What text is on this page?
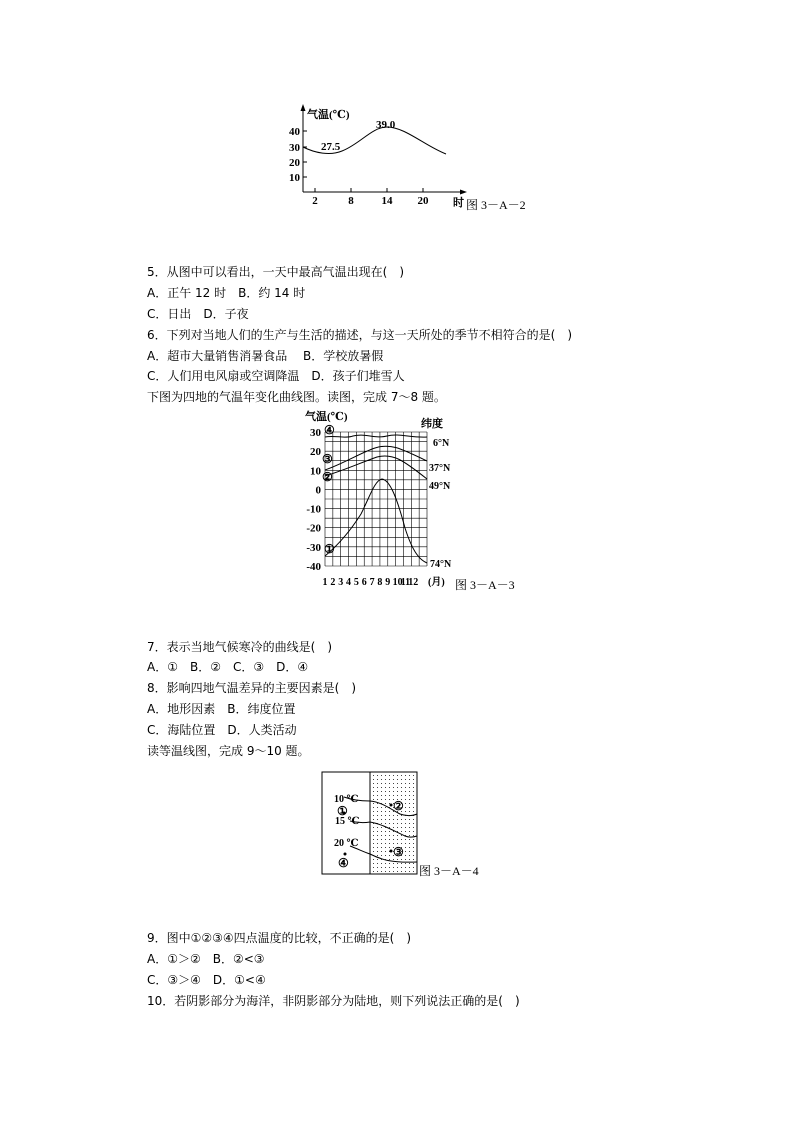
40
30
20
10
2	8	14 20
气温(℃)
时
27.5
39.0
图 3－A－2
5．从图中可以看出，一天中最高气温出现在(　)
A．正午 12 时　B．约 14 时
C．日出　D．子夜
6．下列对当地人们的生产与生活的描述，与这一天所处的季节不相符合的是(　)
A．超市大量销售消暑食品　 B．学校放暑假
C．人们用电风扇或空调降温　D．孩子们堆雪人
下图为四地的气温年变化曲线图。读图，完成 7～8 题。
气温(℃)
纬度
30
20
10
0
-10
-20
-30
-40
1 2 3 4 5 6 7 8 9 10
11
12 (月)
④
③
②
①
6°N
37°N
49°N
74°N
图 3－A－3
7．表示当地气候寒冷的曲线是(　)
A．①　B．②　C．③　D．④
8．影响四地气温差异的主要因素是(　)
A．地形因素　B．纬度位置
C．海陆位置　D．人类活动
读等温线图，完成 9～10 题。
10 ℃
15 ℃
20 ℃
①	②
③
④
图 3－A－4
9．图中①②③④四点温度的比较，不正确的是(　)
A．①＞②　B．②<③
C．③＞④　D．①<④
10．若阴影部分为海洋，非阴影部分为陆地，则下列说法正确的是(　)
